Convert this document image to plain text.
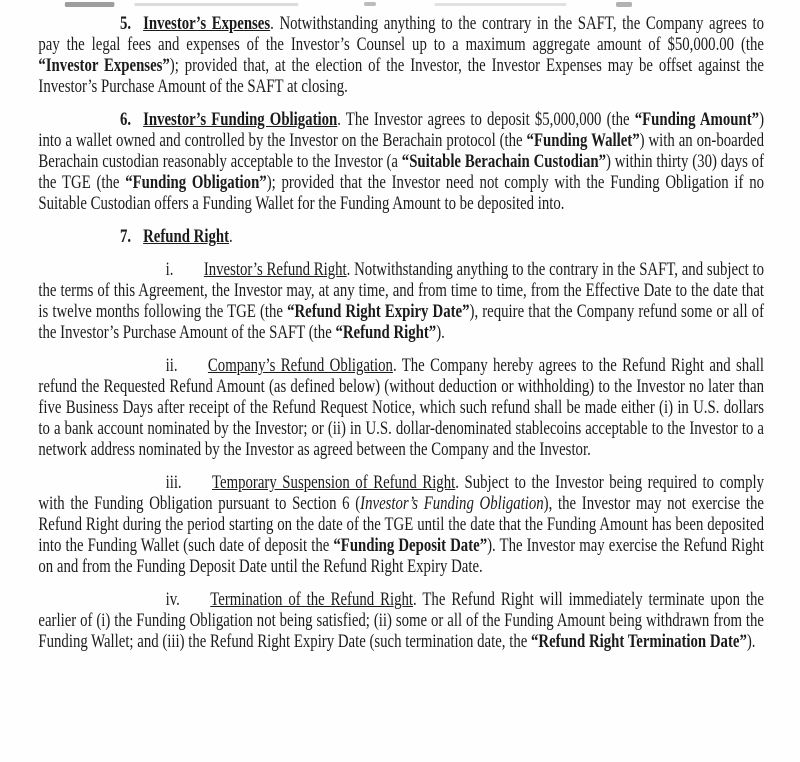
5. Investor’s Expenses. Notwithstanding anything to the contrary in the SAFT, the Company agrees to pay the legal fees and expenses of the Investor’s Counsel up to a maximum aggregate amount of $50,000.00 (the “Investor Expenses”); provided that, at the election of the Investor, the Investor Expenses may be offset against the Investor’s Purchase Amount of the SAFT at closing.

6. Investor’s Funding Obligation. The Investor agrees to deposit $5,000,000 (the “Funding Amount”) into a wallet owned and controlled by the Investor on the Berachain protocol (the “Funding Wallet”) with an on-boarded Berachain custodian reasonably acceptable to the Investor (a “Suitable Berachain Custodian”) within thirty (30) days of the TGE (the “Funding Obligation”); provided that the Investor need not comply with the Funding Obligation if no Suitable Custodian offers a Funding Wallet for the Funding Amount to be deposited into.

7. Refund Right.

i. Investor’s Refund Right. Notwithstanding anything to the contrary in the SAFT, and subject to the terms of this Agreement, the Investor may, at any time, and from time to time, from the Effective Date to the date that is twelve months following the TGE (the “Refund Right Expiry Date”), require that the Company refund some or all of the Investor’s Purchase Amount of the SAFT (the “Refund Right”).

ii. Company’s Refund Obligation. The Company hereby agrees to the Refund Right and shall refund the Requested Refund Amount (as defined below) (without deduction or withholding) to the Investor no later than five Business Days after receipt of the Refund Request Notice, which such refund shall be made either (i) in U.S. dollars to a bank account nominated by the Investor; or (ii) in U.S. dollar-denominated stablecoins acceptable to the Investor to a network address nominated by the Investor as agreed between the Company and the Investor.

iii. Temporary Suspension of Refund Right. Subject to the Investor being required to comply with the Funding Obligation pursuant to Section 6 (Investor’s Funding Obligation), the Investor may not exercise the Refund Right during the period starting on the date of the TGE until the date that the Funding Amount has been deposited into the Funding Wallet (such date of deposit the “Funding Deposit Date”). The Investor may exercise the Refund Right on and from the Funding Deposit Date until the Refund Right Expiry Date.

iv. Termination of the Refund Right. The Refund Right will immediately terminate upon the earlier of (i) the Funding Obligation not being satisfied; (ii) some or all of the Funding Amount being withdrawn from the Funding Wallet; and (iii) the Refund Right Expiry Date (such termination date, the “Refund Right Termination Date”).
